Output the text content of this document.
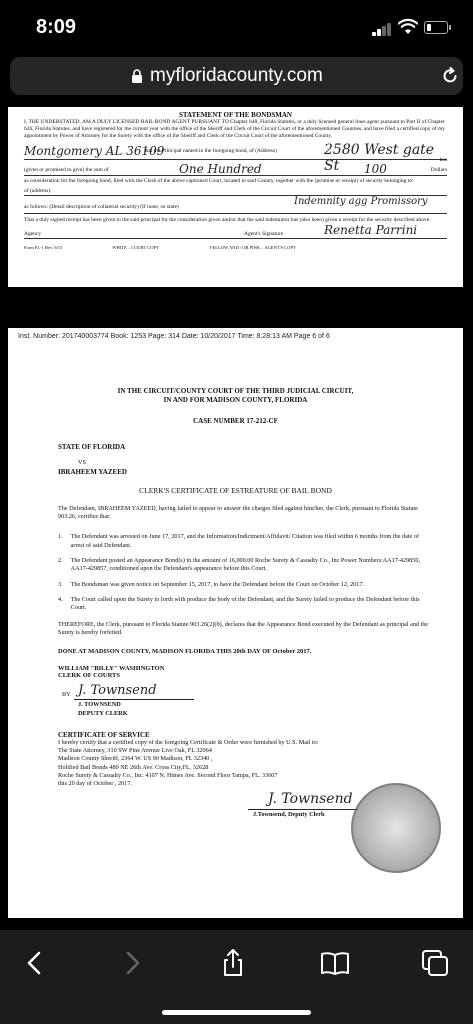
8:09
myfloridacounty.com
STATEMENT OF THE BONDSMAN
I, THE UNDERSTATED, AM A DULY LICENSED BAIL BOND AGENT PURSUANT TO Chapter 648, Florida Statutes, or a duly licensed general lines agent pursuant to Part II of Chapter 626, Florida Statutes, and have registered for the current year with the office of the Sheriff and Clerk of the Circuit Court of the aforementioned Counties, and have filed a certified copy of my appointment by Power of Attorney for the Surety with the office of the Sheriff and Clerk of the Circuit Court of the aforementioned County.
Montgomery AL 36109
that the Principal named in the foregoing bond, of (Address)	2580 West gate St
(given or promised to give) the sum of	One Hundred	100	Dollars
has
as consideration for the foregoing bond, filed with the Clerk of the above captioned Court, located in said County, together with the (promise or receipt) of security belonging to:
of (address):
as follows: (Detail description of collateral security) (If none, so state)	Indemnity agg Promissory
That a duly signed receipt has been given to the said principal for the consideration given and/or that the said indemnitor has (also been) given a receipt for the security described above.
Agency	Agent's Signature	Renetta Parrini
Form FL-1 Rev. 6/15	WHITE – COURT COPY	YELLOW AND / OR PINK – AGENT'S COPY
Inst. Number: 201740003774 Book: 1253 Page: 314 Date: 10/20/2017 Time: 8:28:13 AM Page 6 of 6
IN THE CIRCUIT/COUNTY COURT OF THE THIRD JUDICIAL CIRCUIT,
IN AND FOR MADISON COUNTY, FLORIDA
CASE NUMBER 17-212-CF
STATE OF FLORIDA
VS
IBRAHEEM YAZEED
CLERK'S CERTIFICATE OF ESTREATURE OF BAIL BOND
The Defendant, IBRAHEEM YAZEED, having failed to appear to answer the charges filed against him/her, the Clerk, pursuant to Florida Statute 903.26, certifies that:
1. The Defendant was arrested on June 17, 2017, and the Information/Indictment/Affidavit/ Citation was filed within 6 months from the date of arrest of said Defendant.
2. The Defendant posted an Appearance Bond(s) in the amount of 16,000.00 Roche Surety & Casualty Co., Inc Power Numbers:AA17-429850, AA17-429857, conditioned upon the Defendant's appearance before this Court.
3. The Bondsman was given notice on September 15, 2017, to have the Defendant before the Court on October 12, 2017.
4. The Court called upon the Surety to forth with produce the body of the Defendant, and the Surety failed to produce the Defendant before this Court.
THEREFORE, the Clerk, pursuant to Florida Statute 903.26(2)(b), declares that the Appearance Bond executed by the Defendant as principal and the Surety is hereby forfeited.
DONE AT MADISON COUNTY, MADISON FLORIDA THIS 20th DAY OF October 2017.
WILLIAM "BILLY" WASHINGTON
CLERK OF COURTS
BY J. Townsend
J. TOWNSEND
DEPUTY CLERK
CERTIFICATE OF SERVICE
I hereby certify that a certified copy of the foregoing Certificate & Order were furnished by U.S. Mail to:
The State Attorney, 310 SW Pine Avenue Live Oak, FL 32064
Madison County Sheriff, 2364 W. US 90 Madison, FL 32340 ,
Holified Bail Bonds 489 NE 26th Ave. Cross City,FL. 32628
Roche Surety & Casualty Co., Inc. 4107 N. Himes Ave. Second Floor Tampa, FL. 33607
this 20 day of October , 2017.
J. Townsend
J.Townsend, Deputy Clerk
